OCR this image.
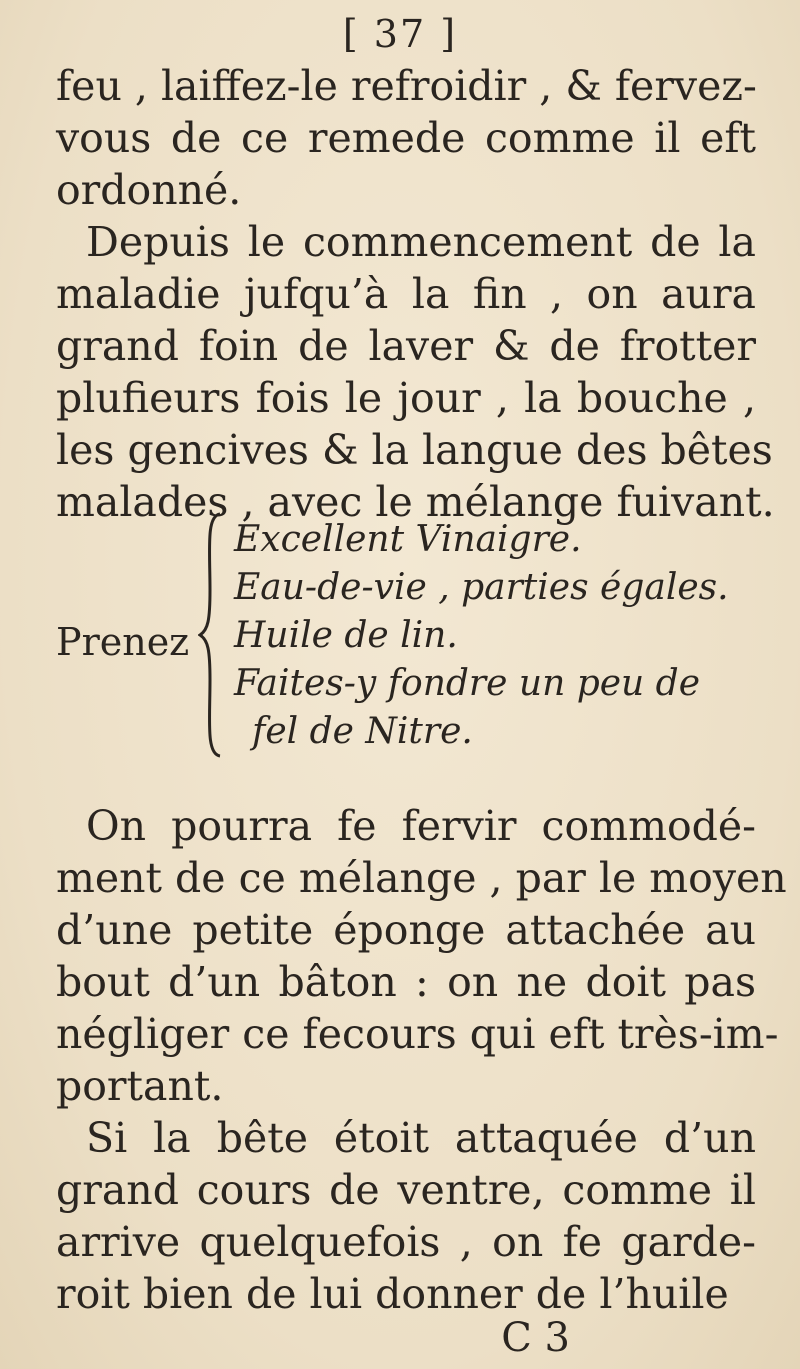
[ 37 ]
feu , laiffez-le refroidir , & fervez-
vous de ce remede comme il eft
ordonné.
Depuis le commencement de la
maladie jufqu’à la fin , on aura
grand foin de laver & de frotter
plufieurs fois le jour , la bouche ,
les gencives & la langue des bêtes
malades , avec le mélange fuivant.
Prenez
Excellent Vinaigre.
Eau-de-vie , parties égales.
Huile de lin.
Faites-y fondre un peu de
fel de Nitre.
On pourra fe fervir commodé-
ment de ce mélange , par le moyen
d’une petite éponge attachée au
bout d’un bâton : on ne doit pas
négliger ce fecours qui eft très-im-
portant.
Si la bête étoit attaquée d’un
grand cours de ventre, comme il
arrive quelquefois , on fe garde-
roit bien de lui donner de l’huile
C 3
